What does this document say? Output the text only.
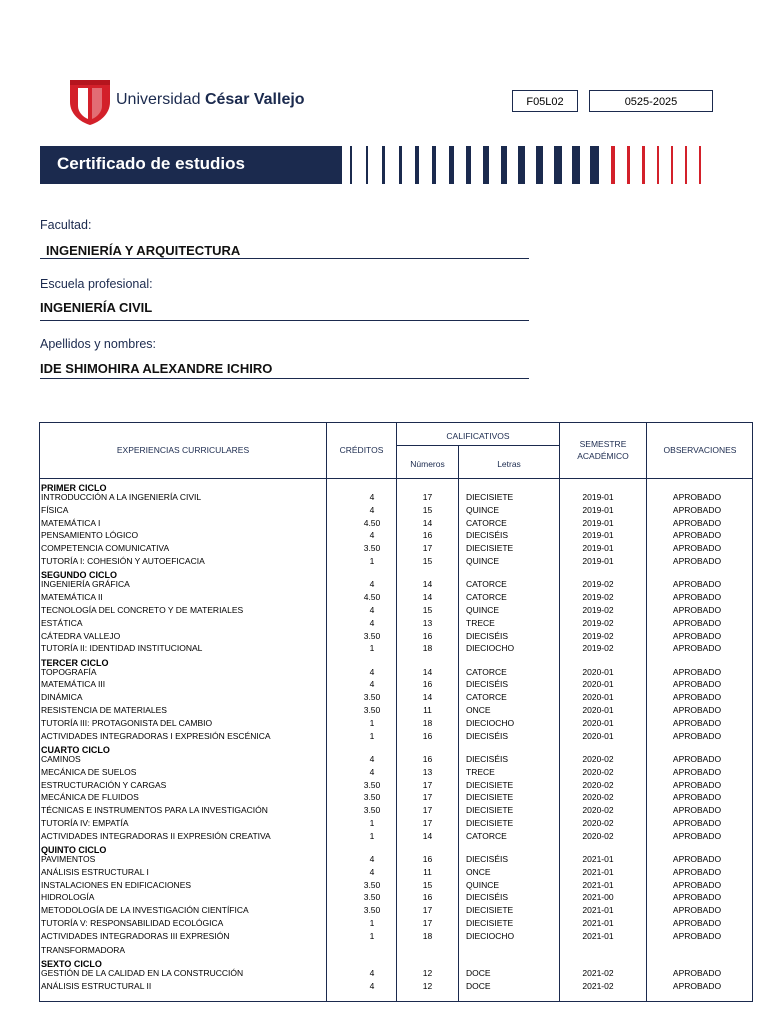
Universidad César Vallejo	F05L02	0525-2025
Certificado de estudios
Facultad:
INGENIERÍA Y ARQUITECTURA
Escuela profesional:
INGENIERÍA CIVIL
Apellidos y nombres:
IDE SHIMOHIRA ALEXANDRE ICHIRO
EXPERIENCIAS CURRICULARES	CRÉDITOS
CALIFICATIVOS
Números	Letras
SEMESTRE
ACADÉMICO
OBSERVACIONES
PRIMER CICLO
INTRODUCCIÓN A LA INGENIERÍA CIVIL	4	17	DIECISIETE	2019-01	APROBADO
FÍSICA	4	15	QUINCE	2019-01	APROBADO
MATEMÁTICA I	4.50	14	CATORCE	2019-01	APROBADO
PENSAMIENTO LÓGICO	4	16	DIECISÉIS	2019-01	APROBADO
COMPETENCIA COMUNICATIVA	3.50	17	DIECISIETE	2019-01	APROBADO
TUTORÍA I: COHESIÓN Y AUTOEFICACIA	1	15	QUINCE	2019-01	APROBADO
SEGUNDO CICLO
INGENIERÍA GRÁFICA	4	14	CATORCE	2019-02	APROBADO
MATEMÁTICA II	4.50	14	CATORCE	2019-02	APROBADO
TECNOLOGÍA DEL CONCRETO Y DE MATERIALES	4	15	QUINCE	2019-02	APROBADO
ESTÁTICA	4	13	TRECE	2019-02	APROBADO
CÁTEDRA VALLEJO	3.50	16	DIECISÉIS	2019-02	APROBADO
TUTORÍA II: IDENTIDAD INSTITUCIONAL	1	18	DIECIOCHO	2019-02	APROBADO
TERCER CICLO
TOPOGRAFÍA	4	14	CATORCE	2020-01	APROBADO
MATEMÁTICA III	4	16	DIECISÉIS	2020-01	APROBADO
DINÁMICA	3.50	14	CATORCE	2020-01	APROBADO
RESISTENCIA DE MATERIALES	3.50	11	ONCE	2020-01	APROBADO
TUTORÍA III: PROTAGONISTA DEL CAMBIO	1	18	DIECIOCHO	2020-01	APROBADO
ACTIVIDADES INTEGRADORAS I EXPRESIÓN ESCÉNICA	1	16	DIECISÉIS	2020-01	APROBADO
CUARTO CICLO
CAMINOS	4	16	DIECISÉIS	2020-02	APROBADO
MECÁNICA DE SUELOS	4	13	TRECE	2020-02	APROBADO
ESTRUCTURACIÓN Y CARGAS	3.50	17	DIECISIETE	2020-02	APROBADO
MECÁNICA DE FLUIDOS	3.50	17	DIECISIETE	2020-02	APROBADO
TÉCNICAS E INSTRUMENTOS PARA LA INVESTIGACIÓN	3.50	17	DIECISIETE	2020-02	APROBADO
TUTORÍA IV: EMPATÍA	1	17	DIECISIETE	2020-02	APROBADO
ACTIVIDADES INTEGRADORAS II EXPRESIÓN CREATIVA	1	14	CATORCE	2020-02	APROBADO
QUINTO CICLO
PAVIMENTOS	4	16	DIECISÉIS	2021-01	APROBADO
ANÁLISIS ESTRUCTURAL I	4	11	ONCE	2021-01	APROBADO
INSTALACIONES EN EDIFICACIONES	3.50	15	QUINCE	2021-01	APROBADO
HIDROLOGÍA	3.50	16	DIECISÉIS	2021-00	APROBADO
METODOLOGÍA DE LA INVESTIGACIÓN CIENTÍFICA	3.50	17	DIECISIETE	2021-01	APROBADO
TUTORÍA V: RESPONSABILIDAD ECOLÓGICA	1	17	DIECISIETE	2021-01	APROBADO
ACTIVIDADES INTEGRADORAS III EXPRESIÓN	1	18	DIECIOCHO	2021-01	APROBADO
TRANSFORMADORA
SEXTO CICLO
GESTIÓN DE LA CALIDAD EN LA CONSTRUCCIÓN	4	12	DOCE	2021-02	APROBADO
ANÁLISIS ESTRUCTURAL II	4	12	DOCE	2021-02	APROBADO
